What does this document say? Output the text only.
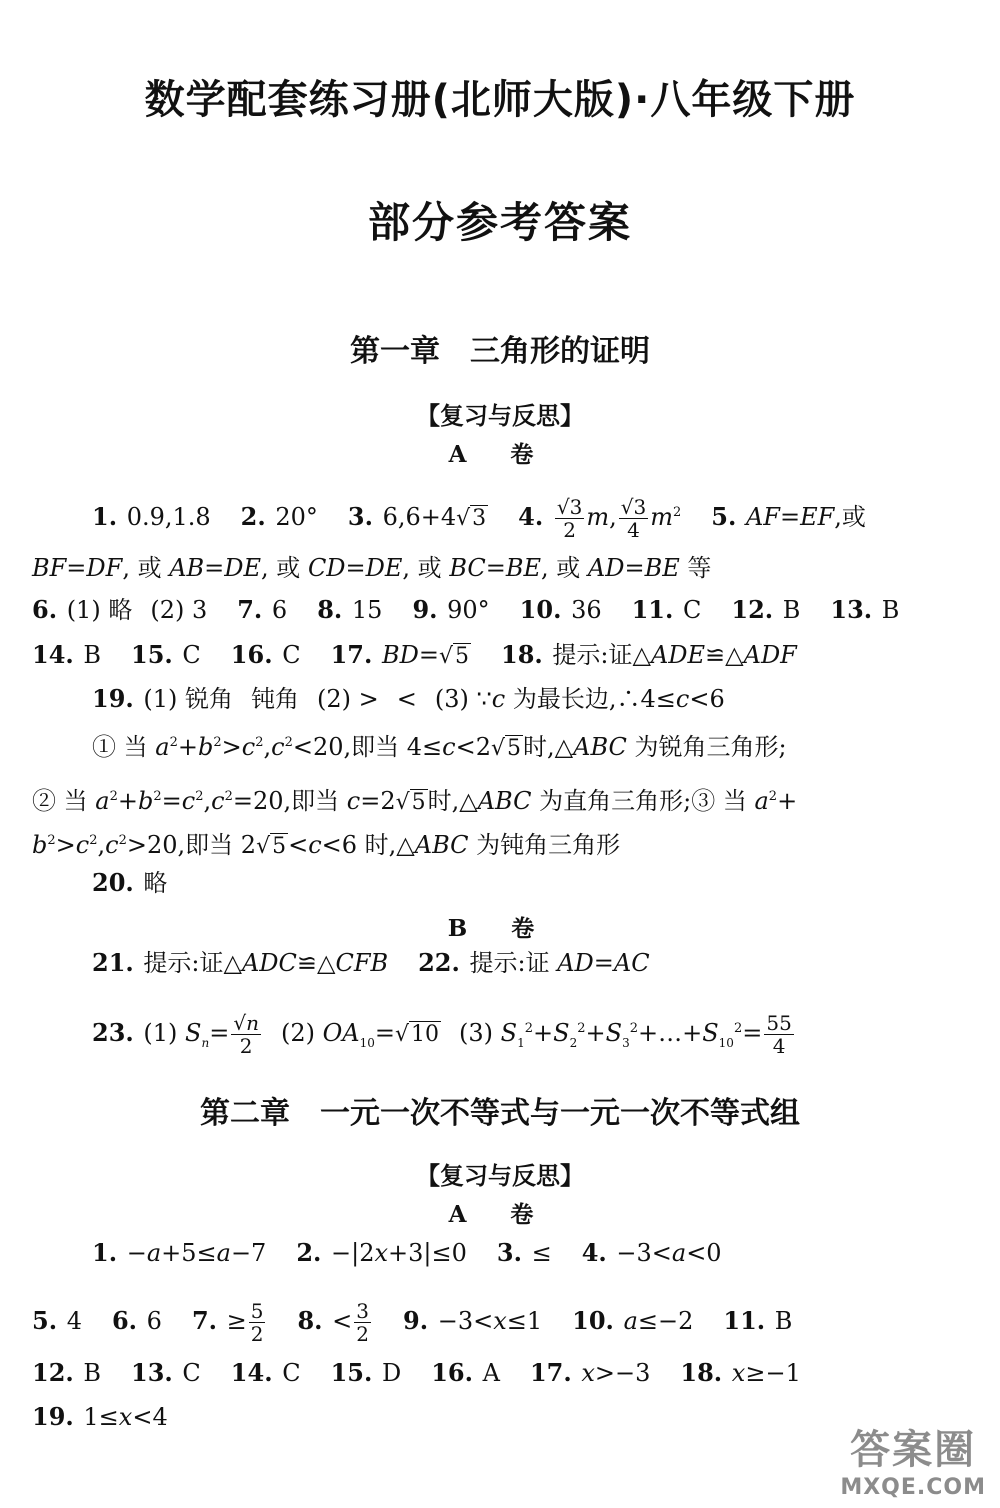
数学配套练习册(北师大版)·八年级下册
部分参考答案
第一章　三角形的证明
【复习与反思】
A 卷
1. 0.9,1.8 2. 20° 3. 6,6+4√3 4. $\frac{√3}{2} m$, $\frac{√3}{4} m^2$ 5. AF=EF,或
BF=DF, 或 AB=DE, 或 CD=DE, 或 BC=BE, 或 AD=BE 等
6. (1) 略 (2) 3 7. 6 8. 15 9. 90° 10. 36 11. C 12. B 13. B
14. B 15. C 16. C 17. BD=√5 18. 提示:证△ADE≌△ADF
19. (1) 锐角 钝角 (2) > < (3) ∵c 为最长边,∴4≤c<6
① 当 $a^2+b^2>c^2,c^2<20$,即当 4≤c<2√5时,△ABC 为锐角三角形;
② 当 $a^2+b^2=c^2,c^2=20$,即当 c=2√5时,△ABC 为直角三角形;③ 当 $a^2+$
$b^2>c^2,c^2>20$,即当 2√5<c<6 时,△ABC 为钝角三角形
20. 略
B 卷
21. 提示:证△ADC≌△CFB 22. 提示:证 AD=AC
23. (1) $S_n= \frac{√n}{2} (2)$ $OA_{10}=√10$ (3) $S_1^2+S_2^2+S_3^2+\dots+S_{10}^2= \frac{55}{4}$
第二章　一元一次不等式与一元一次不等式组
【复习与反思】
A 卷
1. −a+5≤a−7 2. −|2x+3|≤0 3. ≤ 4. −3<a<0
5. 4 6. 6 7. ≥ $\frac{5}{2} 8$. < $\frac{3}{2} 9$. −3<x≤1 10. a≤−2 11. B
12. B 13. C 14. C 15. D 16. A 17. x>−3 18. x≥−1
19. 1≤x<4
答案圈
MXQE.COM
